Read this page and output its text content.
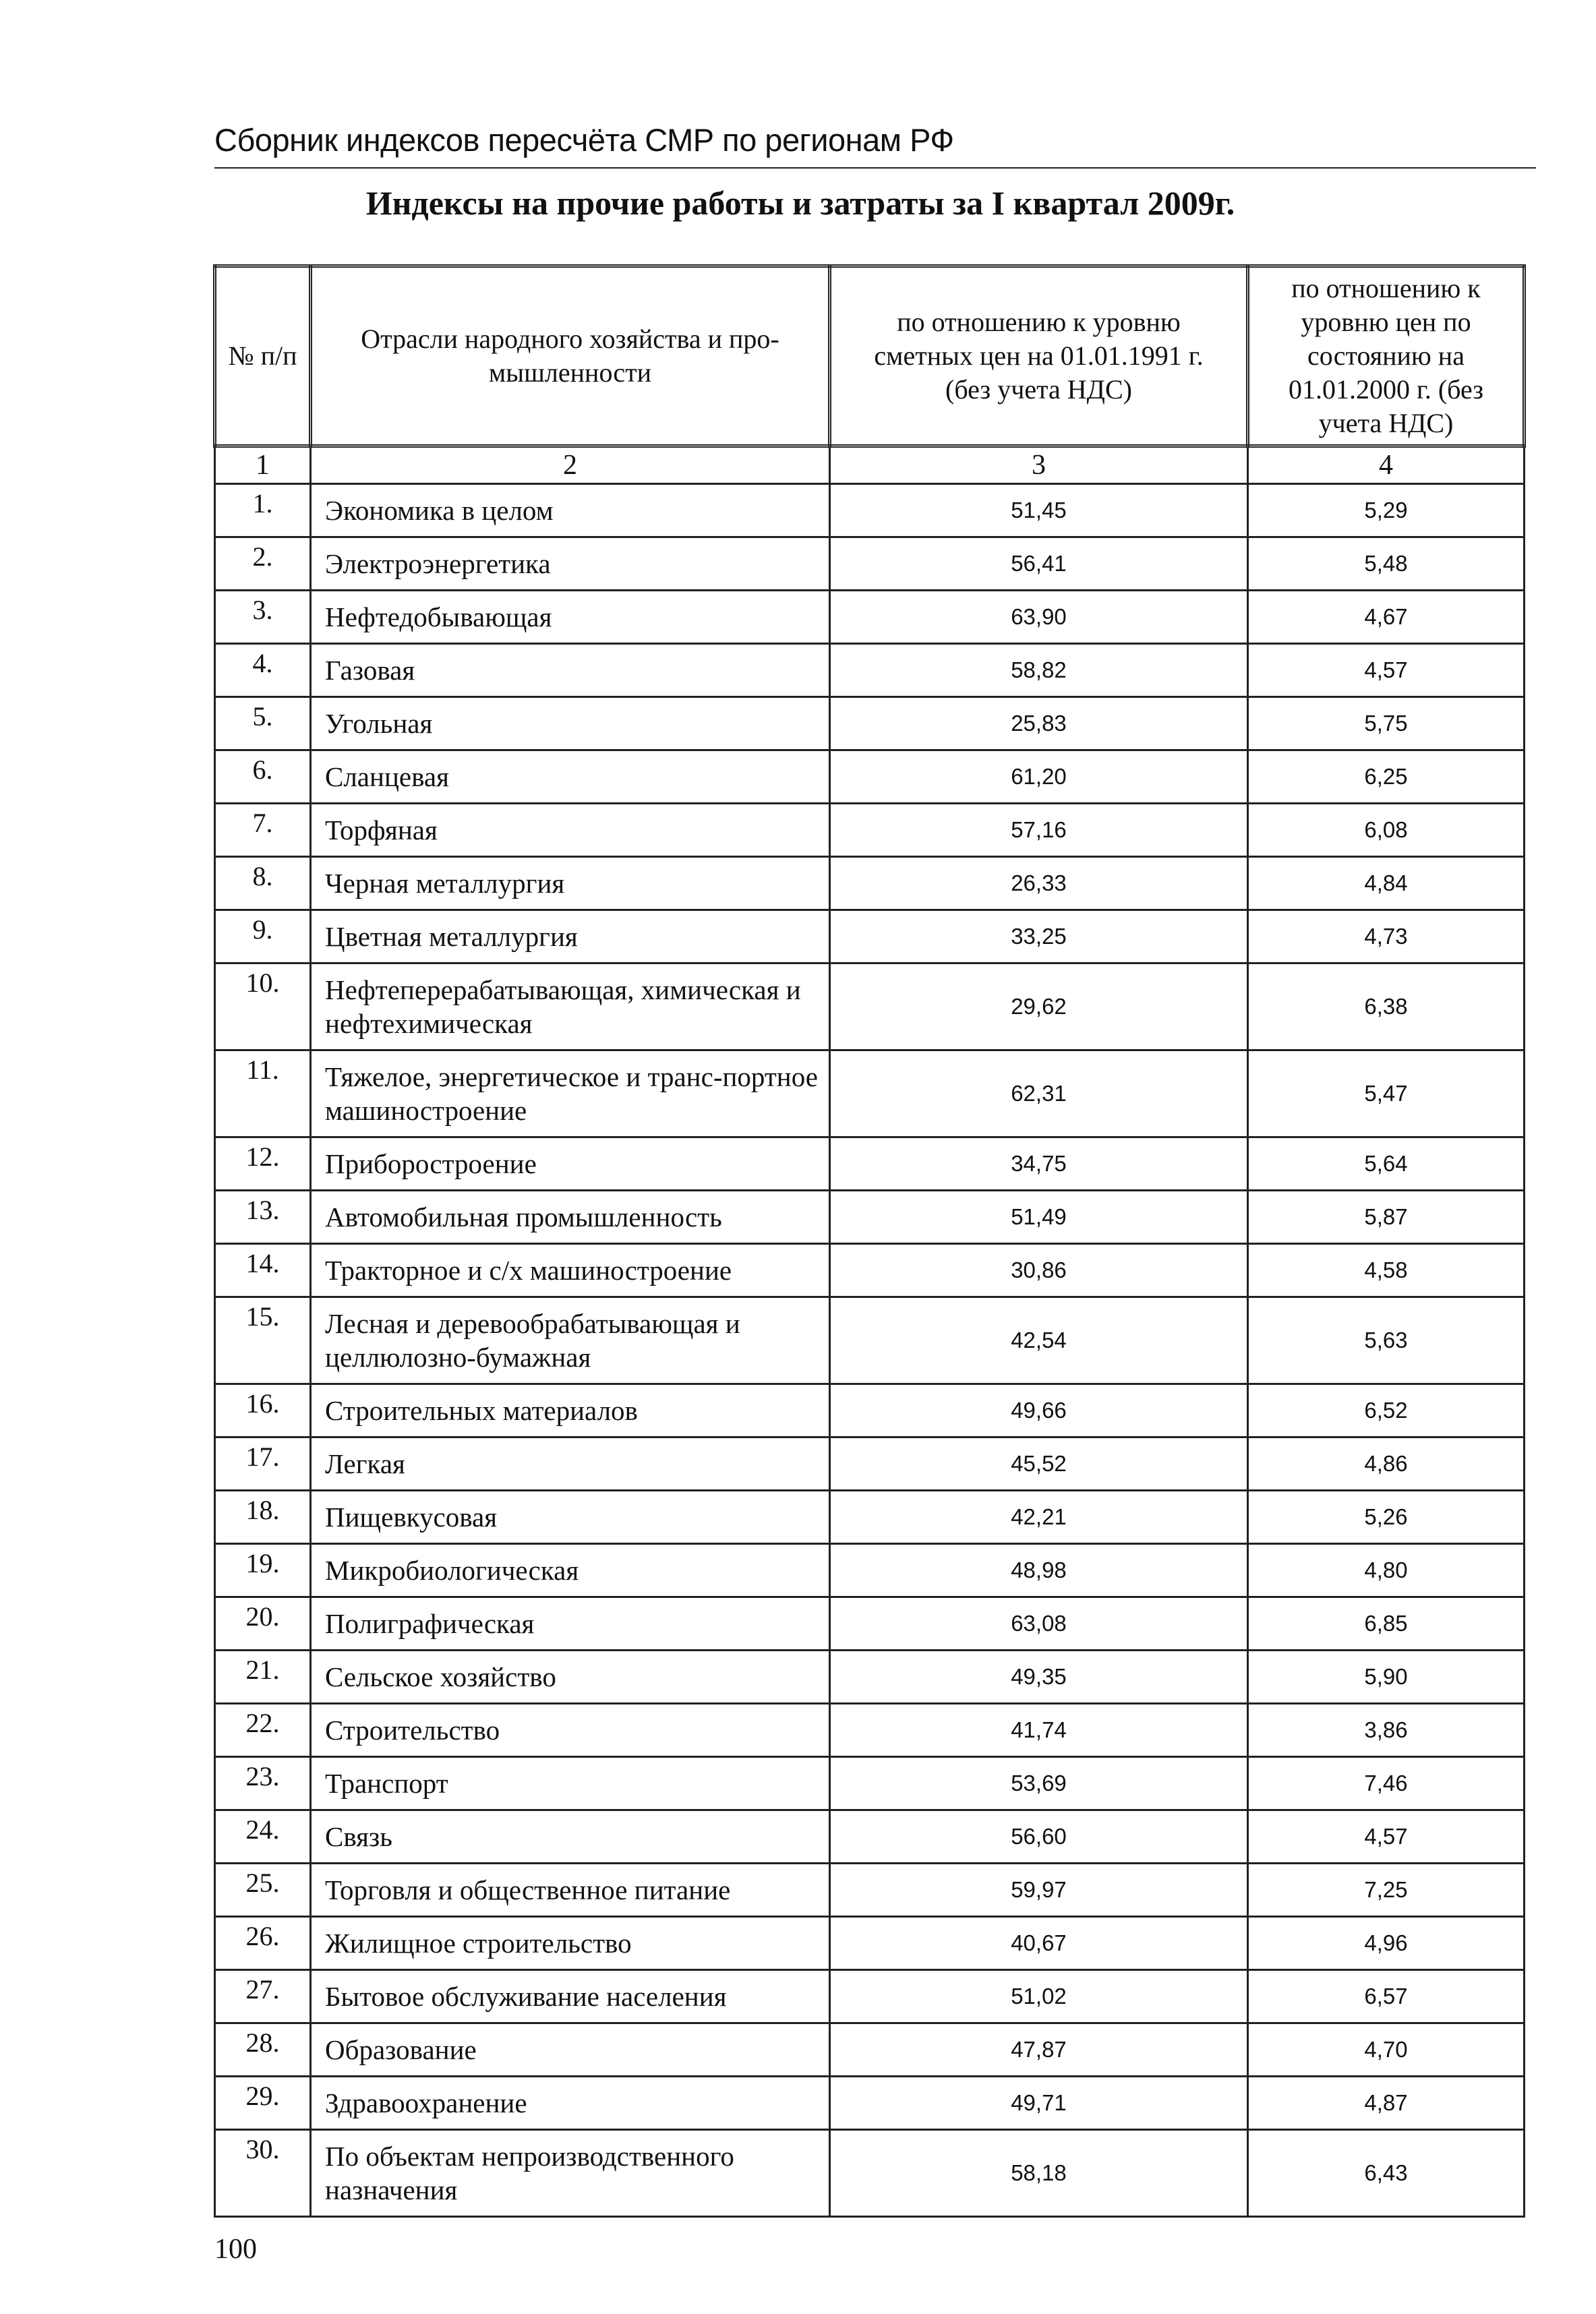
Сборник индексов пересчёта СМР по регионам РФ
Индексы на прочие работы и затраты за I квартал 2009г.
№ п/п	Отрасли народного хозяйства и про-мышленности	по отношению к уровню сметных цен на 01.01.1991 г. (без учета НДС)	по отношению к уровню цен по состоянию на 01.01.2000 г. (без учета НДС)
1	2	3	4
1.	Экономика в целом	51,45	5,29
2.	Электроэнергетика	56,41	5,48
3.	Нефтедобывающая	63,90	4,67
4.	Газовая	58,82	4,57
5.	Угольная	25,83	5,75
6.	Сланцевая	61,20	6,25
7.	Торфяная	57,16	6,08
8.	Черная металлургия	26,33	4,84
9.	Цветная металлургия	33,25	4,73
10.	Нефтеперерабатывающая, химическая и нефтехимическая	29,62	6,38
11.	Тяжелое, энергетическое и транс-портное машиностроение	62,31	5,47
12.	Приборостроение	34,75	5,64
13.	Автомобильная промышленность	51,49	5,87
14.	Тракторное и с/х машиностроение	30,86	4,58
15.	Лесная и деревообрабатывающая и целлюлозно-бумажная	42,54	5,63
16.	Строительных материалов	49,66	6,52
17.	Легкая	45,52	4,86
18.	Пищевкусовая	42,21	5,26
19.	Микробиологическая	48,98	4,80
20.	Полиграфическая	63,08	6,85
21.	Сельское хозяйство	49,35	5,90
22.	Строительство	41,74	3,86
23.	Транспорт	53,69	7,46
24.	Связь	56,60	4,57
25.	Торговля и общественное питание	59,97	7,25
26.	Жилищное строительство	40,67	4,96
27.	Бытовое обслуживание населения	51,02	6,57
28.	Образование	47,87	4,70
29.	Здравоохранение	49,71	4,87
30.	По объектам непроизводственного назначения	58,18	6,43
100
